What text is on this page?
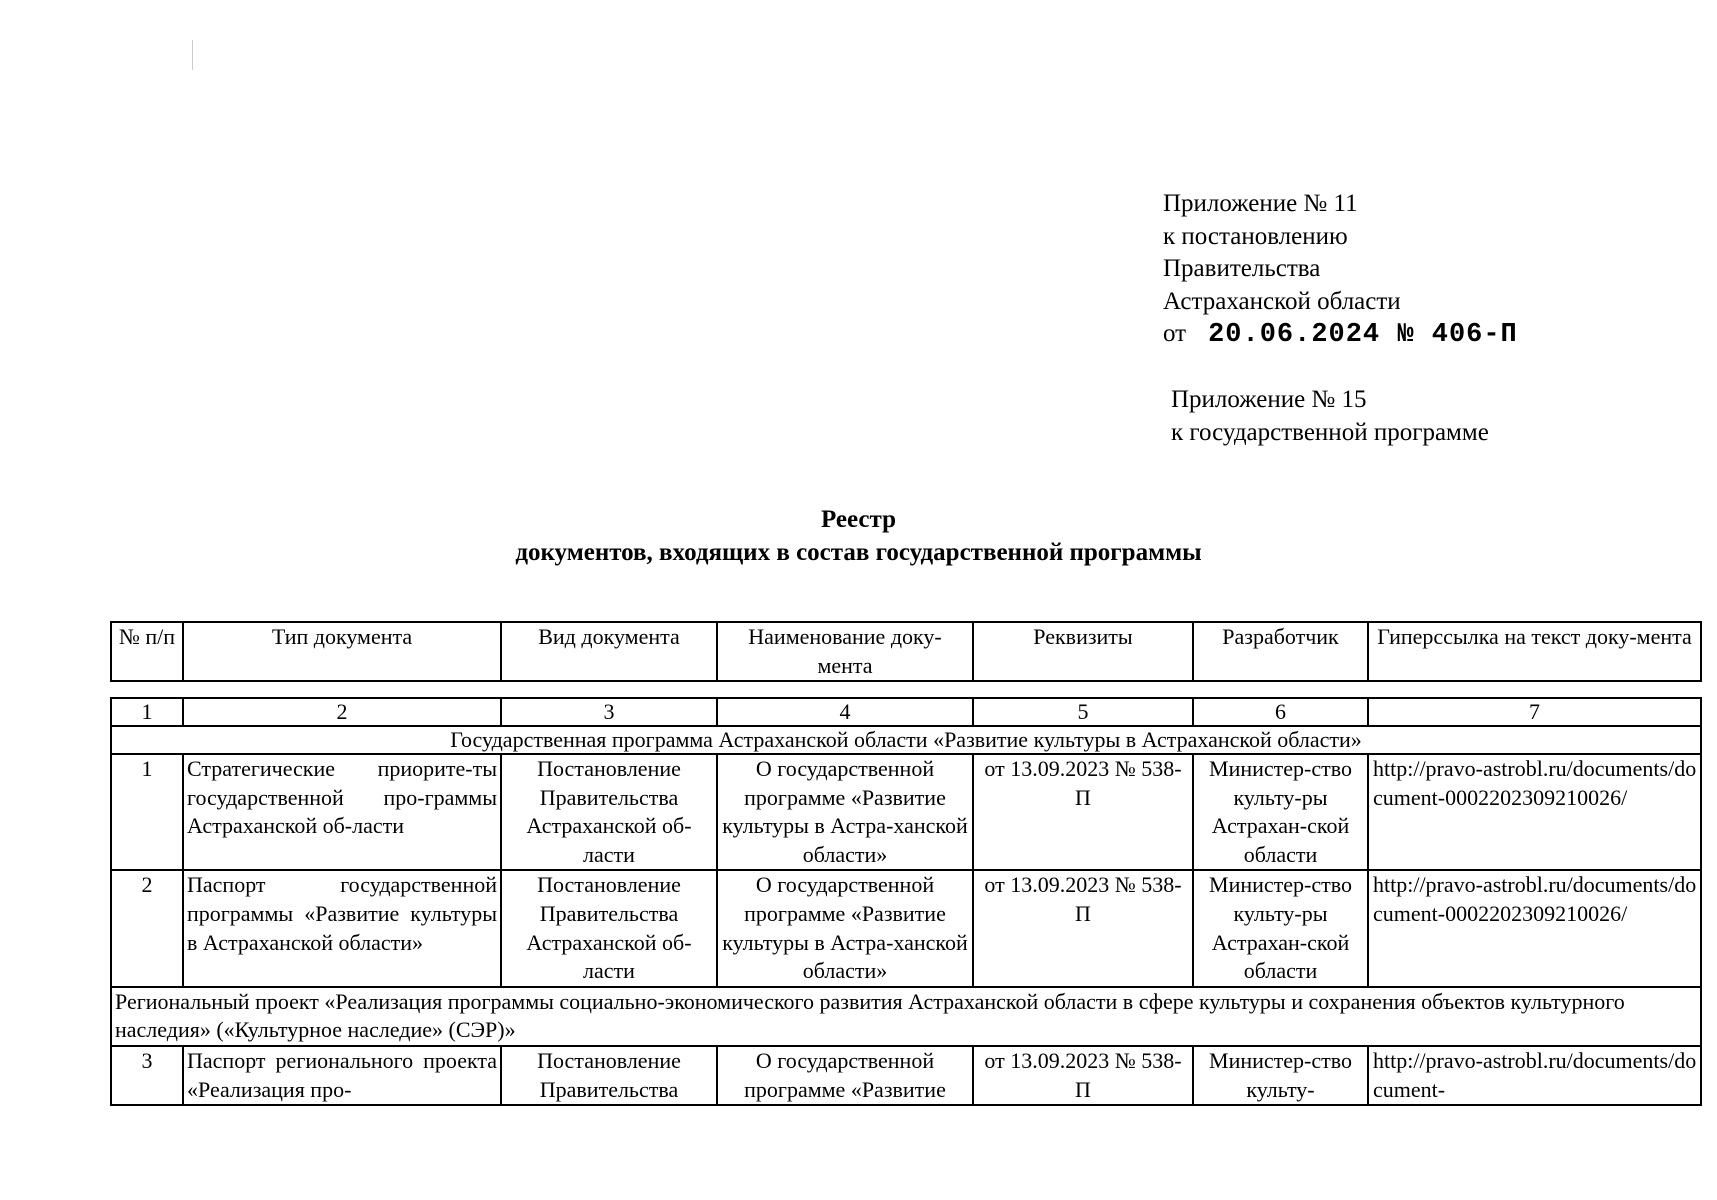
Приложение № 11
к постановлению
Правительства
Астраханской области
от 20.06.2024 № 406-П
Приложение № 15
к государственной программе
Реестр
документов, входящих в состав государственной программы
№ п/п	Тип документа	Вид документа	Наименование доку-мента	Реквизиты	Разработчик	Гиперссылка на текст доку-мента
1	2	3	4	5	6	7
Государственная программа Астраханской области «Развитие культуры в Астраханской области»						
1	Стратегические приорите-ты государственной про-граммы Астраханской об-ласти	Постановление Правительства Астраханской об-ласти	О государственной программе «Развитие культуры в Астра-ханской области»	от 13.09.2023 № 538-П	Министер-ство культу-ры Астрахан-ской области	http://pravo-astrobl.ru/documents/document-0002202309210026/
2	Паспорт государственной программы «Развитие культуры в Астраханской области»	Постановление Правительства Астраханской об-ласти	О государственной программе «Развитие культуры в Астра-ханской области»	от 13.09.2023 № 538-П	Министер-ство культу-ры Астрахан-ской области	http://pravo-astrobl.ru/documents/document-0002202309210026/
Региональный проект «Реализация программы социально-экономического развития Астраханской области в сфере культуры и сохранения объектов культурного наследия» («Культурное наследие» (СЭР)»						
3	Паспорт регионального проекта «Реализация про-	Постановление Правительства	О государственной программе «Развитие	от 13.09.2023 № 538-П	Министер-ство культу-	http://pravo-astrobl.ru/documents/document-
